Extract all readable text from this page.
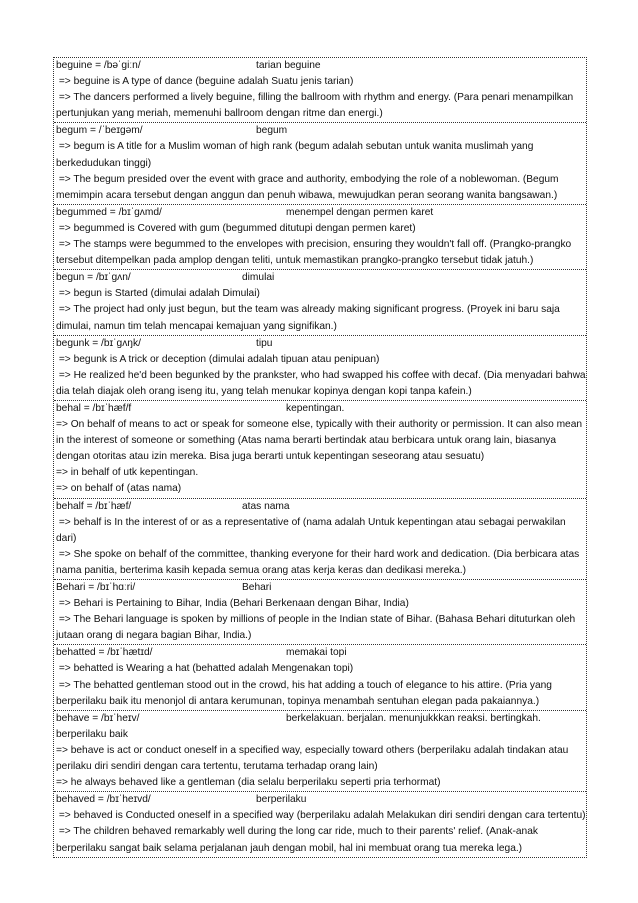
beguine = /bəˈgiːn/	tarian beguine
=> beguine is A type of dance (beguine adalah Suatu jenis tarian)
=> The dancers performed a lively beguine, filling the ballroom with rhythm and energy. (Para penari menampilkan pertunjukan yang meriah, memenuhi ballroom dengan ritme dan energi.)
begum = /ˈbeɪgəm/	begum
=> begum is A title for a Muslim woman of high rank (begum adalah sebutan untuk wanita muslimah yang berkedudukan tinggi)
=> The begum presided over the event with grace and authority, embodying the role of a noblewoman. (Begum memimpin acara tersebut dengan anggun dan penuh wibawa, mewujudkan peran seorang wanita bangsawan.)
begummed = /bɪˈgʌmd/	menempel dengan permen karet
=> begummed is Covered with gum (begummed ditutupi dengan permen karet)
=> The stamps were begummed to the envelopes with precision, ensuring they wouldn't fall off. (Prangko-prangko tersebut ditempelkan pada amplop dengan teliti, untuk memastikan prangko-prangko tersebut tidak jatuh.)
begun = /bɪˈgʌn/	dimulai
=> begun is Started (dimulai adalah Dimulai)
=> The project had only just begun, but the team was already making significant progress. (Proyek ini baru saja dimulai, namun tim telah mencapai kemajuan yang signifikan.)
begunk = /bɪˈgʌŋk/	tipu
=> begunk is A trick or deception (dimulai adalah tipuan atau penipuan)
=> He realized he'd been begunked by the prankster, who had swapped his coffee with decaf. (Dia menyadari bahwa dia telah diajak oleh orang iseng itu, yang telah menukar kopinya dengan kopi tanpa kafein.)
behal = /bɪˈhæf/f	kepentingan.
=> On behalf of means to act or speak for someone else, typically with their authority or permission. It can also mean in the interest of someone or something (Atas nama berarti bertindak atau berbicara untuk orang lain, biasanya dengan otoritas atau izin mereka. Bisa juga berarti untuk kepentingan seseorang atau sesuatu)
=> in behalf of utk kepentingan.
=> on behalf of (atas nama)
behalf = /bɪˈhæf/	atas nama
=> behalf is In the interest of or as a representative of (nama adalah Untuk kepentingan atau sebagai perwakilan dari)
=> She spoke on behalf of the committee, thanking everyone for their hard work and dedication. (Dia berbicara atas nama panitia, berterima kasih kepada semua orang atas kerja keras dan dedikasi mereka.)
Behari = /bɪˈhɑːri/	Behari
=> Behari is Pertaining to Bihar, India (Behari Berkenaan dengan Bihar, India)
=> The Behari language is spoken by millions of people in the Indian state of Bihar. (Bahasa Behari dituturkan oleh jutaan orang di negara bagian Bihar, India.)
behatted = /bɪˈhætɪd/	memakai topi
=> behatted is Wearing a hat (behatted adalah Mengenakan topi)
=> The behatted gentleman stood out in the crowd, his hat adding a touch of elegance to his attire. (Pria yang berperilaku baik itu menonjol di antara kerumunan, topinya menambah sentuhan elegan pada pakaiannya.)
behave = /bɪˈheɪv/	berkelakuan. berjalan. menunjukkkan reaksi. bertingkah. berperilaku baik
=> behave is act or conduct oneself in a specified way, especially toward others (berperilaku adalah tindakan atau perilaku diri sendiri dengan cara tertentu, terutama terhadap orang lain)
=> he always behaved like a gentleman (dia selalu berperilaku seperti pria terhormat)
behaved = /bɪˈheɪvd/	berperilaku
=> behaved is Conducted oneself in a specified way (berperilaku adalah Melakukan diri sendiri dengan cara tertentu)
=> The children behaved remarkably well during the long car ride, much to their parents' relief. (Anak-anak berperilaku sangat baik selama perjalanan jauh dengan mobil, hal ini membuat orang tua mereka lega.)
